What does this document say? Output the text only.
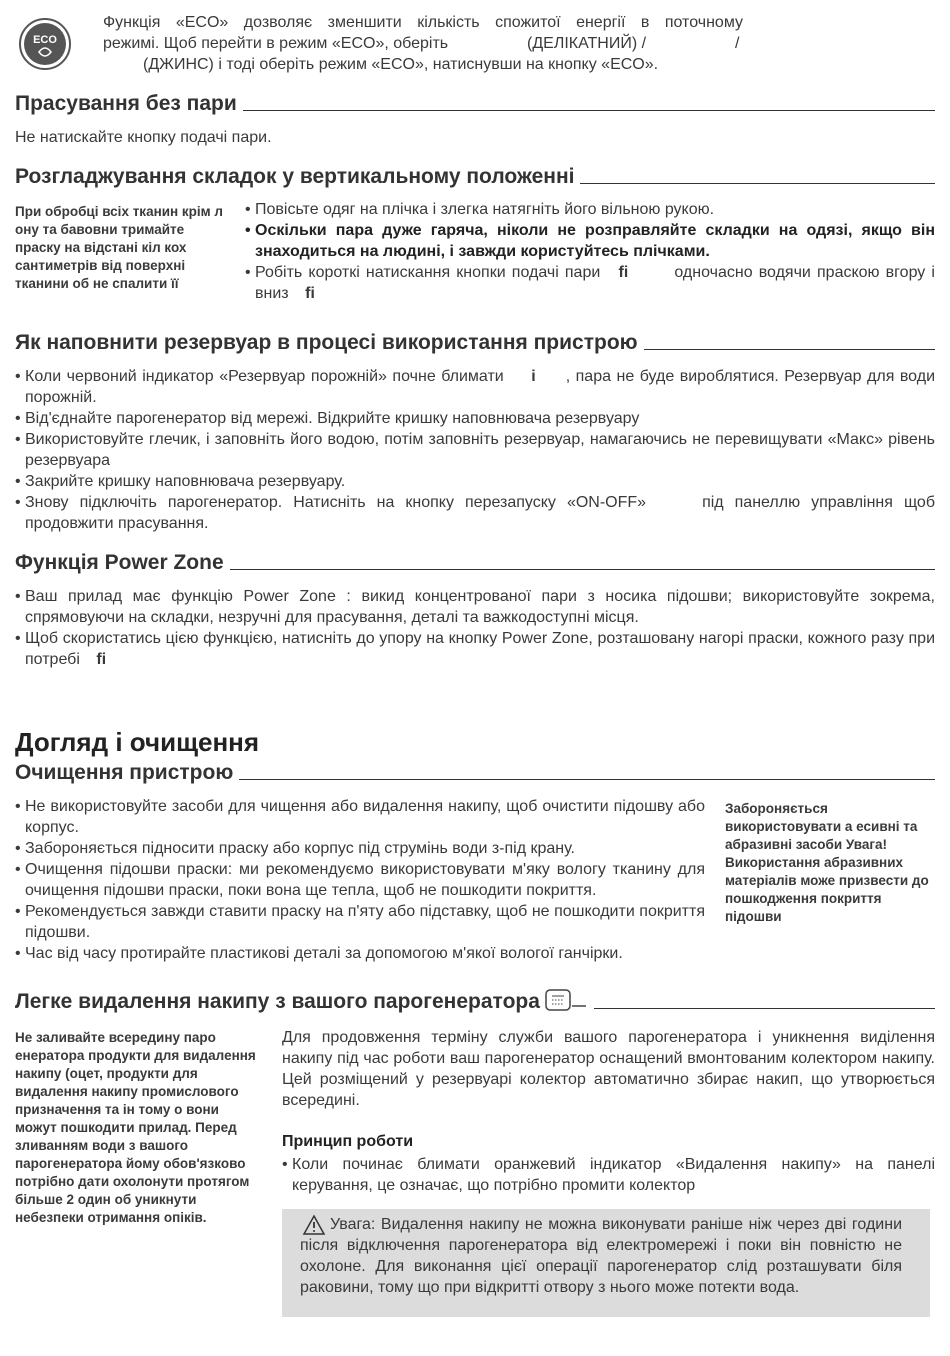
ECO
Функція «ECO» дозволяє зменшити кількість спожитої енергії в поточному
режимі. Щоб перейти в режим «ECO», оберіть	(ДЕЛІКАТНИЙ) /	/
(ДЖИНС) і тоді оберіть режим «ECO», натиснувши на кнопку «ECO».
Прасування без пари
Не натискайте кнопку подачі пари.
Розгладжування складок у вертикальному положенні
При обробці всіх тканин крім л ону та бавовни тримайте праску на відстані кіл кох сантиметрів від поверхні тканини об не спалити її
• Повісьте одяг на плічка і злегка натягніть його вільною рукою.
• Оскільки пара дуже гаряча, ніколи не розправляйте складки на одязі, якщо він знаходиться на людині, і завжди користуйтесь плічками.
• Робіть короткі натискання кнопки подачі пари ﬁ	одночасно водячи праскою вгору і вниз ﬁ
Як наповнити резервуар в процесі використання пристрою
• Коли червоний індикатор «Резервуар порожній» почне блимати i , пара не буде вироблятися. Резервуар для води порожній.
• Від'єднайте парогенератор від мережі. Відкрийте кришку наповнювача резервуару
• Використовуйте глечик, і заповніть його водою, потім заповніть резервуар, намагаючись не перевищувати «Макс» рівень резервуара
• Закрийте кришку наповнювача резервуару.
• Знову підключіть парогенератор. Натисніть на кнопку перезапуску «ON-OFF»	під панеллю управління щоб продовжити прасування.
Функція Power Zone
• Ваш прилад має функцію Power Zone : викид концентрованої пари з носика підошви; використовуйте зокрема, спрямовуючи на складки, незручні для прасування, деталі та важкодоступні місця.
• Щоб скористатись цією функцією, натисніть до упору на кнопку Power Zone, розташовану нагорі праски, кожного разу при потребі ﬁ
Догляд і очищення
Очищення пристрою
• Не використовуйте засоби для чищення або видалення накипу, щоб очистити підошву або корпус.
• Забороняється підносити праску або корпус під струмінь води з-під крану.
• Очищення підошви праски: ми рекомендуємо використовувати м'яку вологу тканину для очищення підошви праски, поки вона ще тепла, щоб не пошкодити покриття.
• Рекомендується завжди ставити праску на п'яту або підставку, щоб не пошкодити покриття підошви.
• Час від часу протирайте пластикові деталі за допомогою м'якої вологої ганчірки.
Забороняється використовувати а есивні та абразивні засоби Увага! Використання абразивних матеріалів може призвести до пошкодження покриття підошви
Легке видалення накипу з вашого парогенератора
Не заливайте всередину паро енератора продукти для видалення накипу (оцет, продукти для видалення накипу промислового призначення та ін тому о вони можут пошкодити прилад. Перед зливанням води з вашого парогенератора йому обов'язково потрібно дати охолонути протягом більше 2 один об уникнути небезпеки отримання опіків.
Для продовження терміну служби вашого парогенератора і уникнення виділення накипу під час роботи ваш парогенератор оснащений вмонтованим колектором накипу. Цей розміщений у резервуарі колектор автоматично збирає накип, що утворюється всередині.
Принцип роботи
• Коли починає блимати оранжевий індикатор «Видалення накипу» на панелі керування, це означає, що потрібно промити колектор
Увага: Видалення накипу не можна виконувати раніше ніж через дві години після відключення парогенератора від електромережі і поки він повністю не охолоне. Для виконання цієї операції парогенератор слід розташувати біля раковини, тому що при відкритті отвору з нього може потекти вода.
